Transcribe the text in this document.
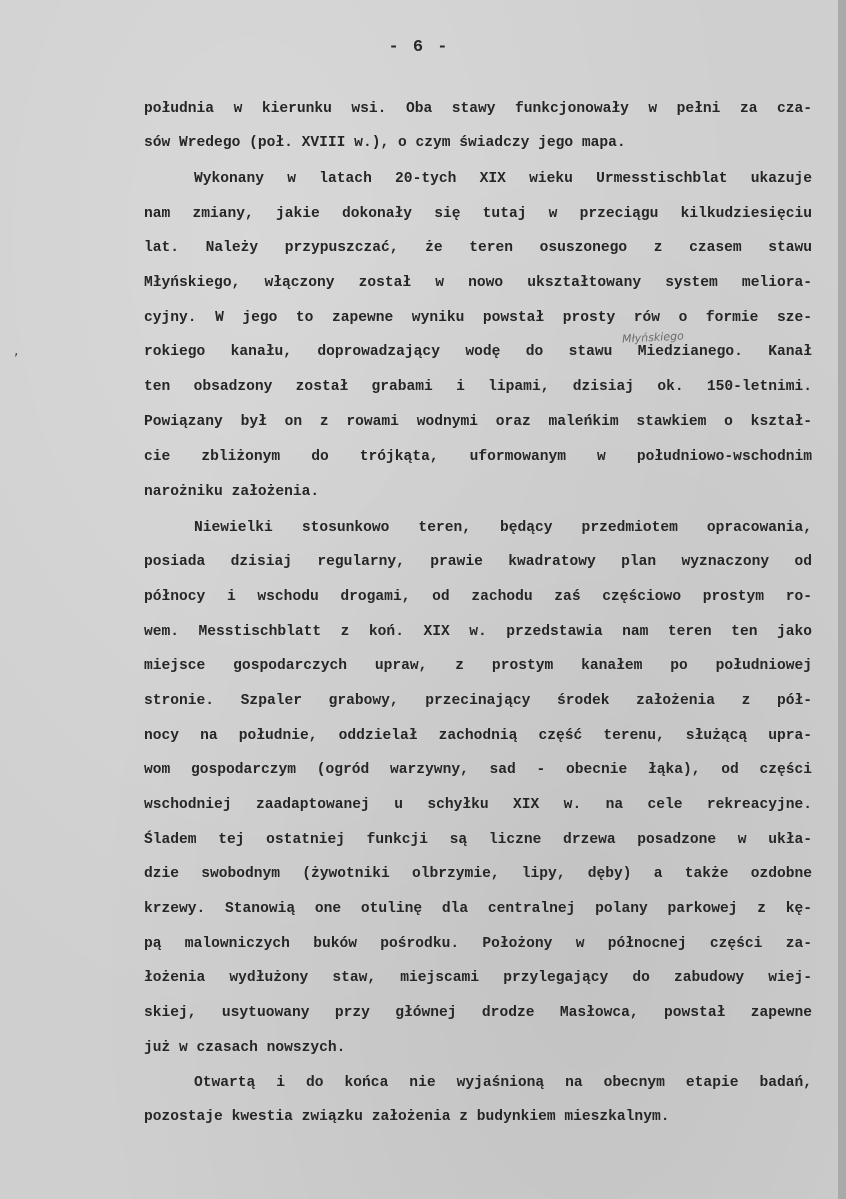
- 6 -
południa w kierunku wsi. Oba stawy funkcjonowały w pełni za cza-
sów Wredego (poł. XVIII w.), o czym świadczy jego mapa.
Wykonany w latach 20-tych XIX wieku Urmesstischblat ukazuje
nam zmiany, jakie dokonały się tutaj w przeciągu kilkudziesięciu
lat. Należy przypuszczać, że teren osuszonego z czasem stawu
Młyńskiego, włączony został w nowo ukształtowany system meliora-
cyjny. W jego to zapewne wyniku powstał prosty rów o formie sze-
rokiego kanału, doprowadzający wodę do stawu Miedzianego. Kanał
ten obsadzony został grabami i lipami, dzisiaj ok. 150-letnimi.
Powiązany był on z rowami wodnymi oraz maleńkim stawkiem o kształ-
cie zbliżonym do trójkąta, uformowanym w południowo-wschodnim
narożniku założenia.
Niewielki stosunkowo teren, będący przedmiotem opracowania,
posiada dzisiaj regularny, prawie kwadratowy plan wyznaczony od
północy i wschodu drogami, od zachodu zaś częściowo prostym ro-
wem. Messtischblatt z koń. XIX w. przedstawia nam teren ten jako
miejsce gospodarczych upraw, z prostym kanałem po południowej
stronie. Szpaler grabowy, przecinający środek założenia z pół-
nocy na południe, oddzielał zachodnią część terenu, służącą upra-
wom gospodarczym (ogród warzywny, sad - obecnie łąka), od części
wschodniej zaadaptowanej u schyłku XIX w. na cele rekreacyjne.
Śladem tej ostatniej funkcji są liczne drzewa posadzone w ukła-
dzie swobodnym (żywotniki olbrzymie, lipy, dęby) a także ozdobne
krzewy. Stanowią one otulinę dla centralnej polany parkowej z kę-
pą malowniczych buków pośrodku. Położony w północnej części za-
łożenia wydłużony staw, miejscami przylegający do zabudowy wiej-
skiej, usytuowany przy głównej drodze Masłowca, powstał zapewne
już w czasach nowszych.
Otwartą i do końca nie wyjaśnioną na obecnym etapie badań,
pozostaje kwestia związku założenia z budynkiem mieszkalnym.
Młyńskiego
,
